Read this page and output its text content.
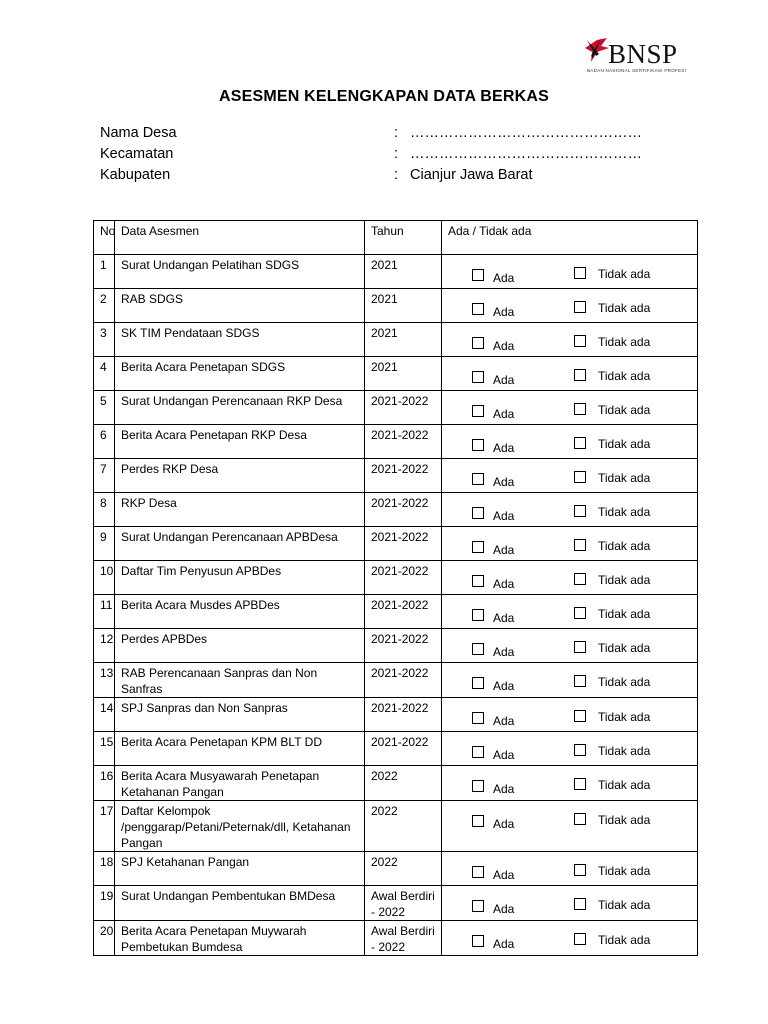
BNSP
BADAN NASIONAL SERTIFIKASI PROFESI
ASESMEN KELENGKAPAN DATA BERKAS
Nama Desa	: …………………………………………
Kecamatan	: …………………………………………
Kabupaten	: Cianjur Jawa Barat
No	Data Asesmen	Tahun	Ada / Tidak ada
1	Surat Undangan Pelatihan SDGS	2021	Ada Tidak ada

2	RAB SDGS	2021	Ada Tidak ada

3	SK TIM Pendataan SDGS	2021	Ada Tidak ada

4	Berita Acara Penetapan SDGS	2021	Ada Tidak ada

5	Surat Undangan Perencanaan RKP Desa	2021-2022	Ada Tidak ada

6	Berita Acara Penetapan RKP Desa	2021-2022	Ada Tidak ada

7	Perdes RKP Desa	2021-2022	Ada Tidak ada

8	RKP Desa	2021-2022	Ada Tidak ada

9	Surat Undangan Perencanaan APBDesa	2021-2022	Ada Tidak ada

10	Daftar Tim Penyusun APBDes	2021-2022	Ada Tidak ada

11	Berita Acara Musdes APBDes	2021-2022	Ada Tidak ada

12	Perdes APBDes	2021-2022	Ada Tidak ada

13	RAB Perencanaan Sanpras dan Non Sanfras	2021-2022	Ada Tidak ada

14	SPJ Sanpras dan Non Sanpras	2021-2022	Ada Tidak ada

15	Berita Acara Penetapan KPM BLT DD	2021-2022	Ada Tidak ada

16	Berita Acara Musyawarah Penetapan Ketahanan Pangan	2022	Ada Tidak ada

17	Daftar Kelompok /penggarap/Petani/Peternak/dll, Ketahanan Pangan	2022	Ada Tidak ada

18	SPJ Ketahanan Pangan	2022	Ada Tidak ada

19	Surat Undangan Pembentukan BMDesa	Awal Berdiri - 2022	Ada Tidak ada

20	Berita Acara Penetapan Muywarah Pembetukan Bumdesa	Awal Berdiri - 2022	Ada Tidak ada
